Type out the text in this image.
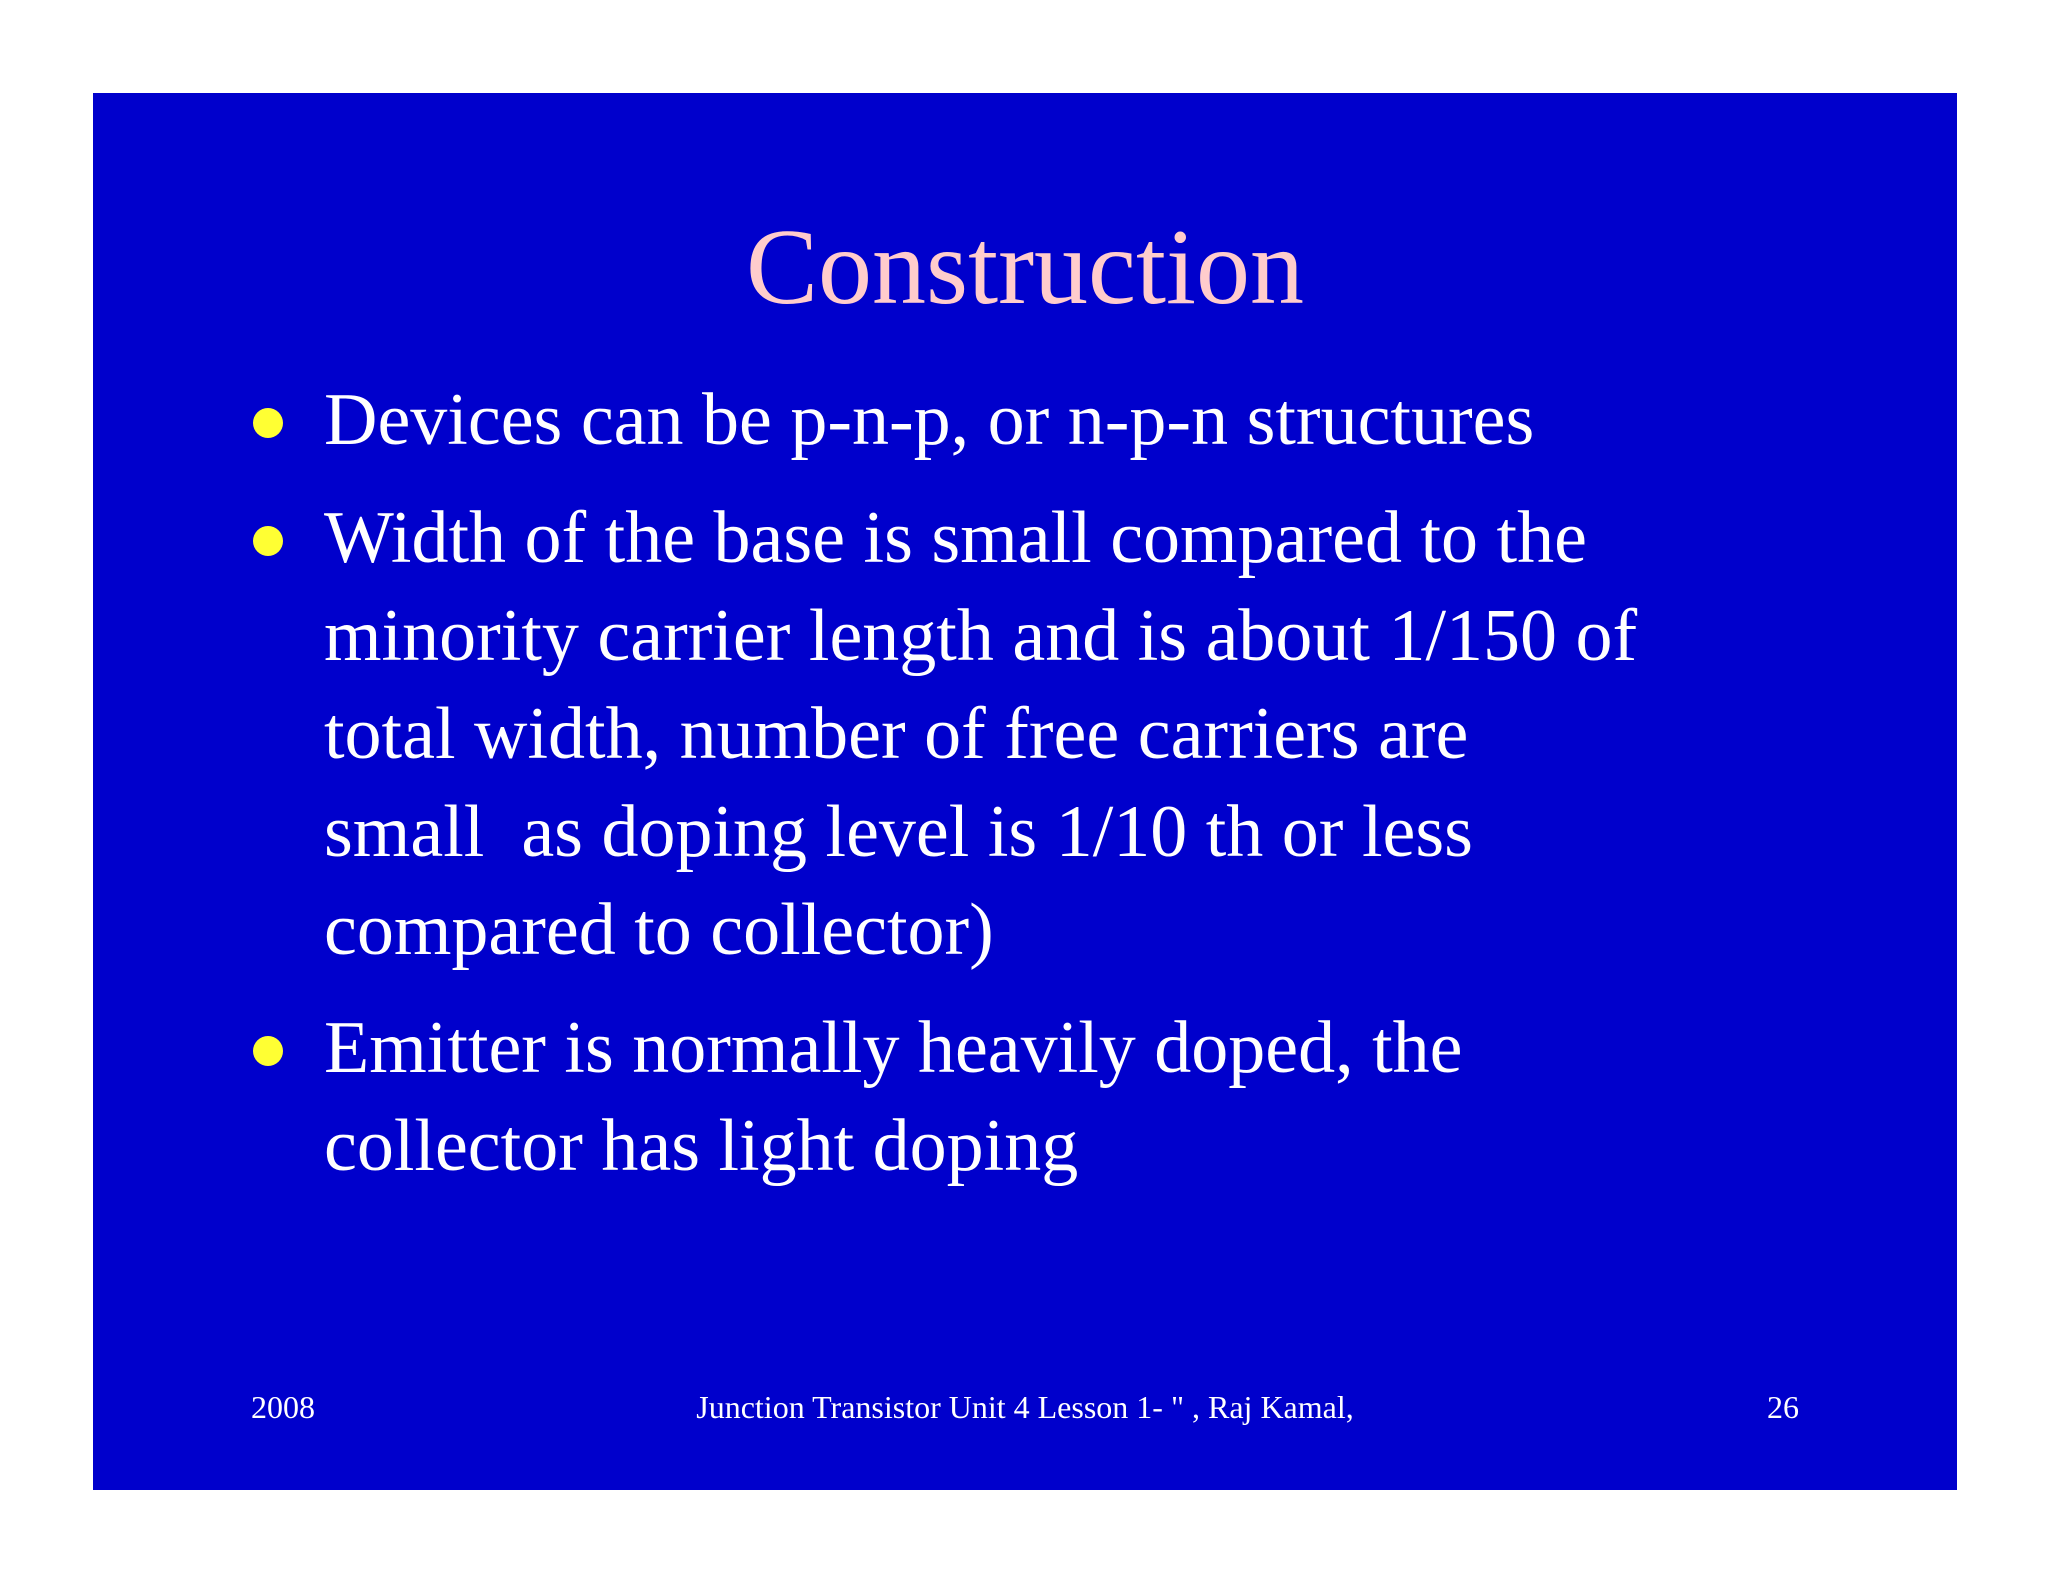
Construction
Devices can be p-n-p, or n-p-n structures
Width of the base is small compared to the
minority carrier length and is about 1/150 of
total width, number of free carriers are
small  as doping level is 1/10 th or less
compared to collector)
Emitter is normally heavily doped, the
collector has light doping
2008	Junction Transistor Unit 4 Lesson 1- " , Raj Kamal,	26
